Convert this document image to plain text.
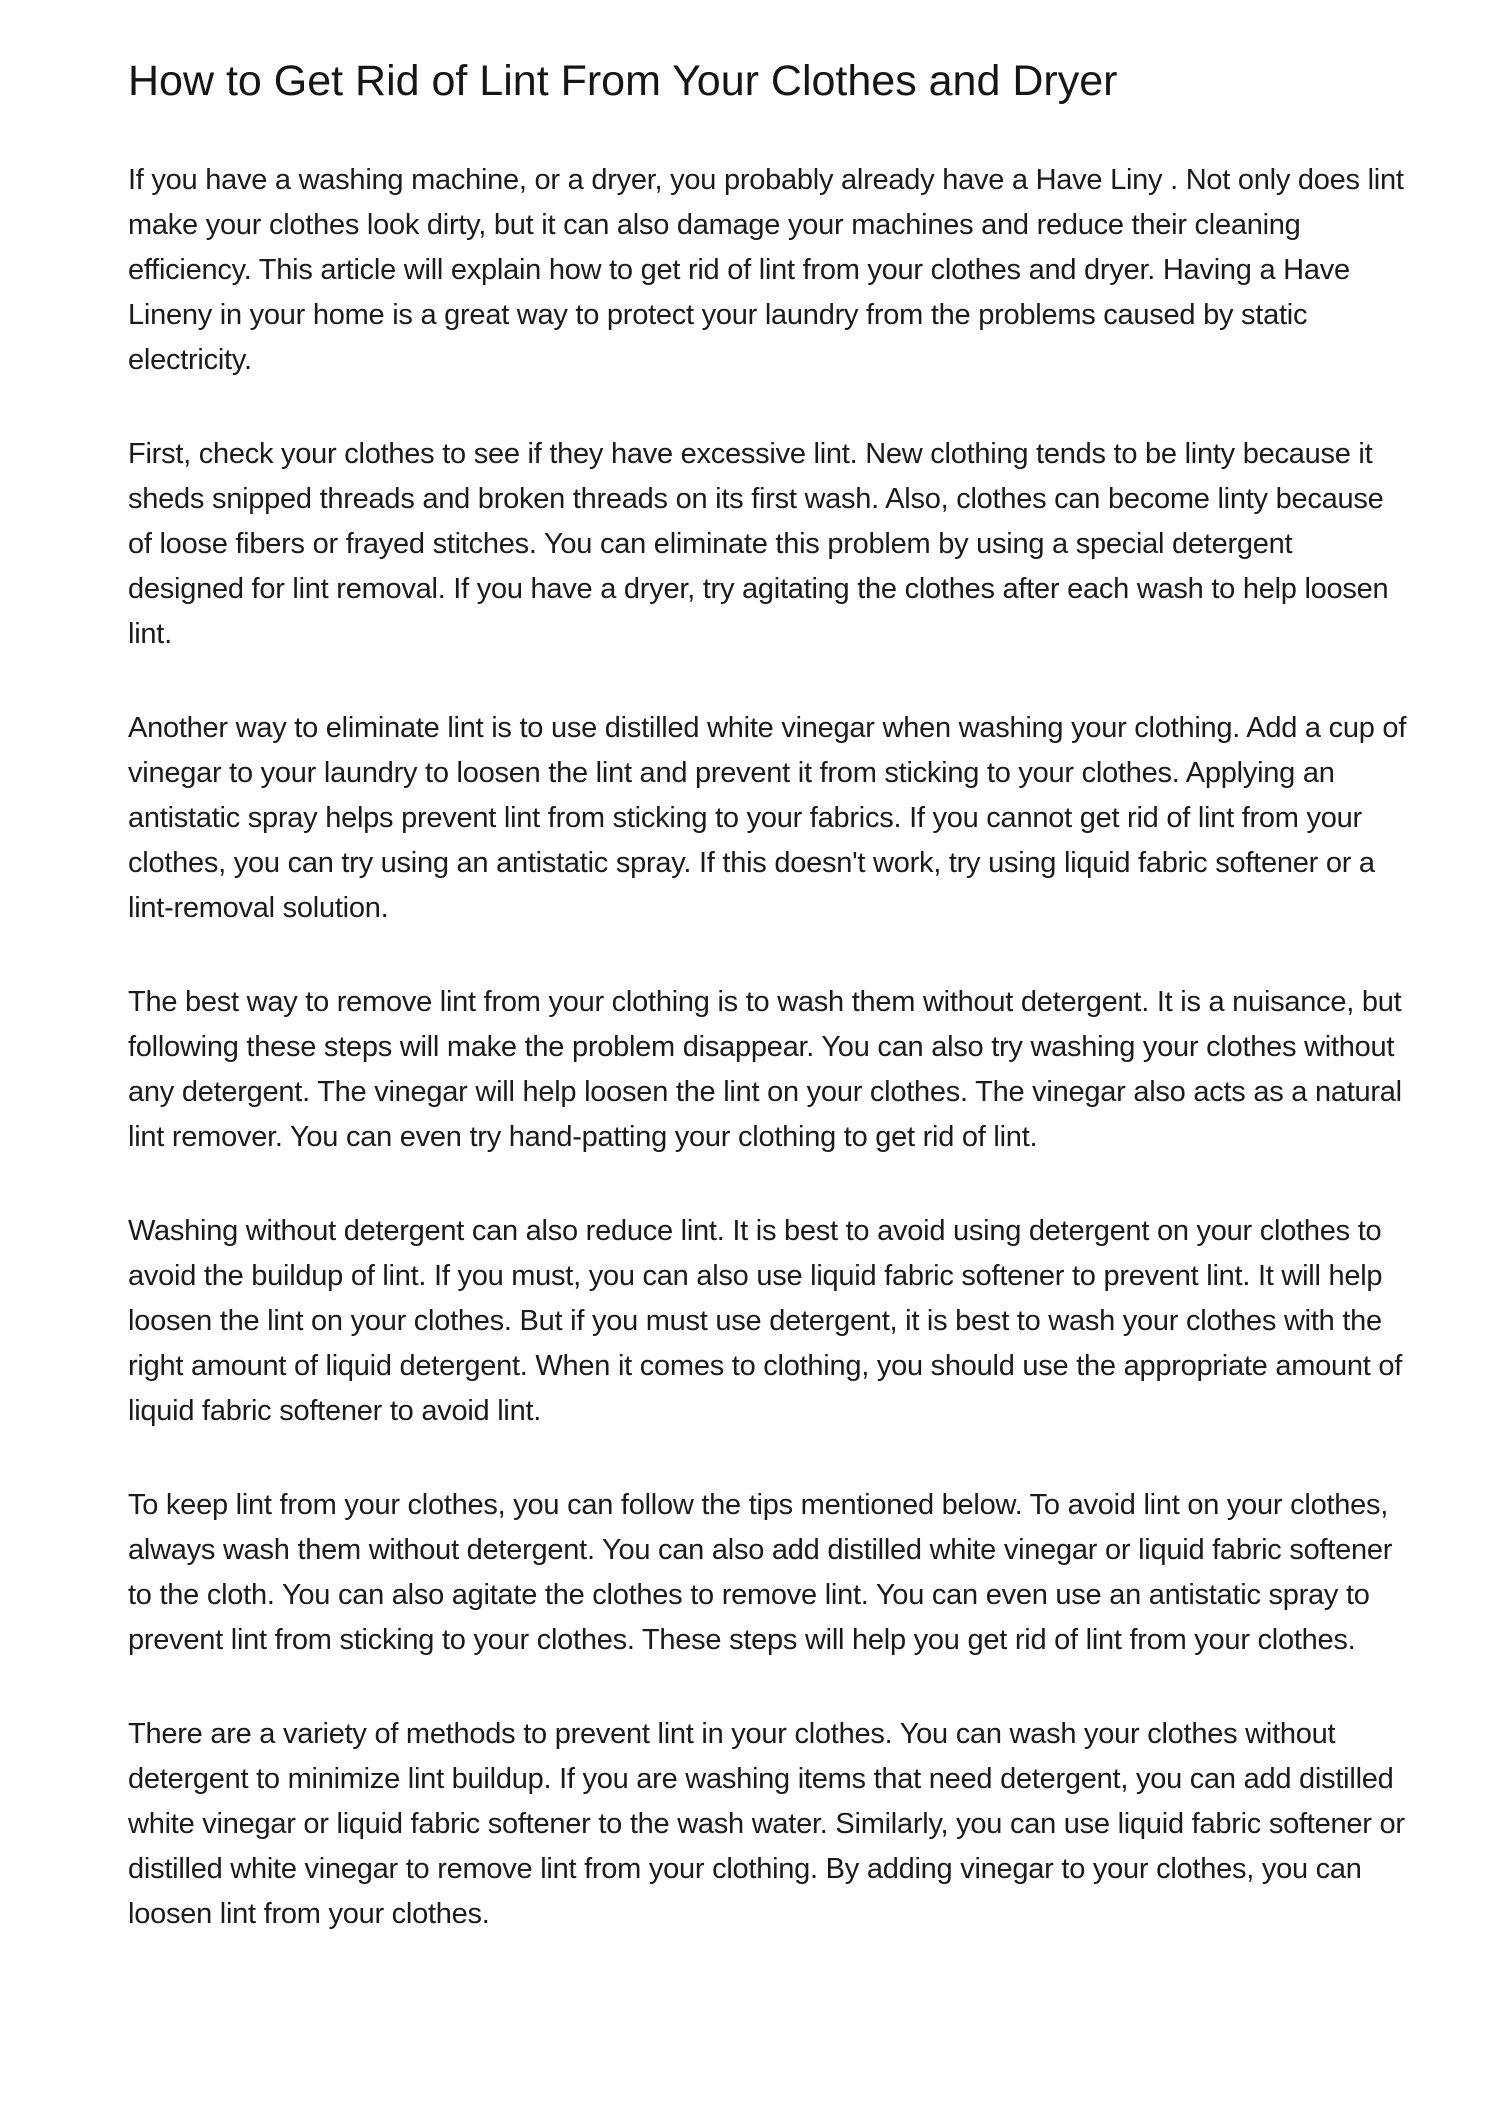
How to Get Rid of Lint From Your Clothes and Dryer

If you have a washing machine, or a dryer, you probably already have a Have Liny . Not only does lint make your clothes look dirty, but it can also damage your machines and reduce their cleaning efficiency. This article will explain how to get rid of lint from your clothes and dryer. Having a Have Lineny in your home is a great way to protect your laundry from the problems caused by static electricity.

First, check your clothes to see if they have excessive lint. New clothing tends to be linty because it sheds snipped threads and broken threads on its first wash. Also, clothes can become linty because of loose fibers or frayed stitches. You can eliminate this problem by using a special detergent designed for lint removal. If you have a dryer, try agitating the clothes after each wash to help loosen lint.

Another way to eliminate lint is to use distilled white vinegar when washing your clothing. Add a cup of vinegar to your laundry to loosen the lint and prevent it from sticking to your clothes. Applying an antistatic spray helps prevent lint from sticking to your fabrics. If you cannot get rid of lint from your clothes, you can try using an antistatic spray. If this doesn't work, try using liquid fabric softener or a lint-removal solution.

The best way to remove lint from your clothing is to wash them without detergent. It is a nuisance, but following these steps will make the problem disappear. You can also try washing your clothes without any detergent. The vinegar will help loosen the lint on your clothes. The vinegar also acts as a natural lint remover. You can even try hand-patting your clothing to get rid of lint.

Washing without detergent can also reduce lint. It is best to avoid using detergent on your clothes to avoid the buildup of lint. If you must, you can also use liquid fabric softener to prevent lint. It will help loosen the lint on your clothes. But if you must use detergent, it is best to wash your clothes with the right amount of liquid detergent. When it comes to clothing, you should use the appropriate amount of liquid fabric softener to avoid lint.

To keep lint from your clothes, you can follow the tips mentioned below. To avoid lint on your clothes, always wash them without detergent. You can also add distilled white vinegar or liquid fabric softener to the cloth. You can also agitate the clothes to remove lint. You can even use an antistatic spray to prevent lint from sticking to your clothes. These steps will help you get rid of lint from your clothes.

There are a variety of methods to prevent lint in your clothes. You can wash your clothes without detergent to minimize lint buildup. If you are washing items that need detergent, you can add distilled white vinegar or liquid fabric softener to the wash water. Similarly, you can use liquid fabric softener or distilled white vinegar to remove lint from your clothing. By adding vinegar to your clothes, you can loosen lint from your clothes.
